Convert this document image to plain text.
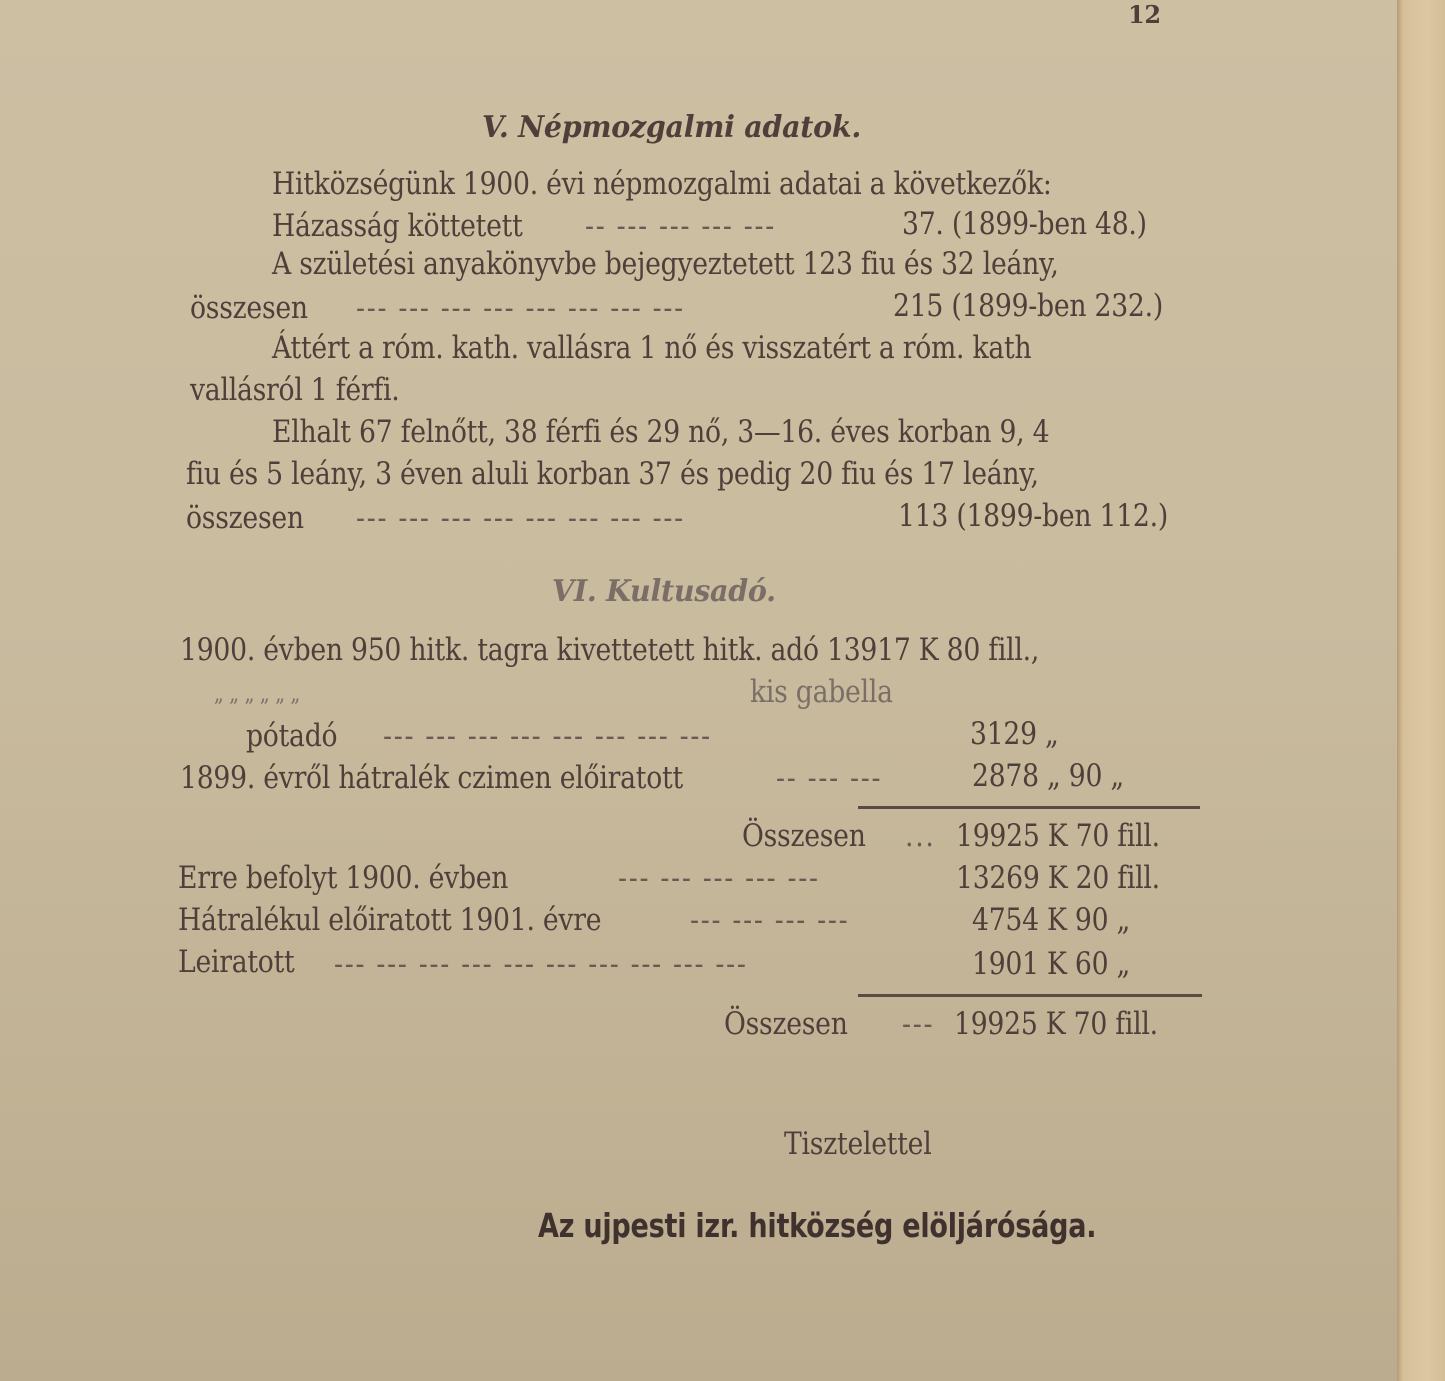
12
V. Népmozgalmi adatok.
Hitközségünk 1900. évi népmozgalmi adatai a következők:
Házasság köttetett -- --- --- --- ---	37. (1899-ben 48.)
A születési anyakönyvbe bejegyeztetett 123 fiu és 32 leány,
összesen --- --- --- --- --- --- --- ---	215 (1899-ben 232.)
Áttért a róm. kath. vallásra 1 nő és visszatért a róm. kath
vallásról 1 férfi.
Elhalt 67 felnőtt, 38 férfi és 29 nő, 3—16. éves korban 9, 4
fiu és 5 leány, 3 éven aluli korban 37 és pedig 20 fiu és 17 leány,
összesen --- --- --- --- --- --- --- ---	113 (1899-ben 112.)
VI. Kultusadó.
1900. évben 950 hitk. tagra kivettetett hitk. adó 13917 K 80 fill.,
„ „ „ „ „ „	kis gabella
pótadó --- --- --- --- --- --- --- ---	3129 „
1899. évről hátralék czimen előiratott	-- --- ---	2878 „ 90 „
Összesen ... 19925 K 70 fill.
Erre befolyt 1900. évben	--- --- --- --- ---	13269 K 20 fill.
Hátralékul előiratott 1901. évre	--- --- --- ---	4754 K 90 „
Leiratott --- --- --- --- --- --- --- --- --- ---	1901 K 60 „
Összesen --- 19925 K 70 fill.
Tisztelettel
Az ujpesti izr. hitközség elöljárósága.
